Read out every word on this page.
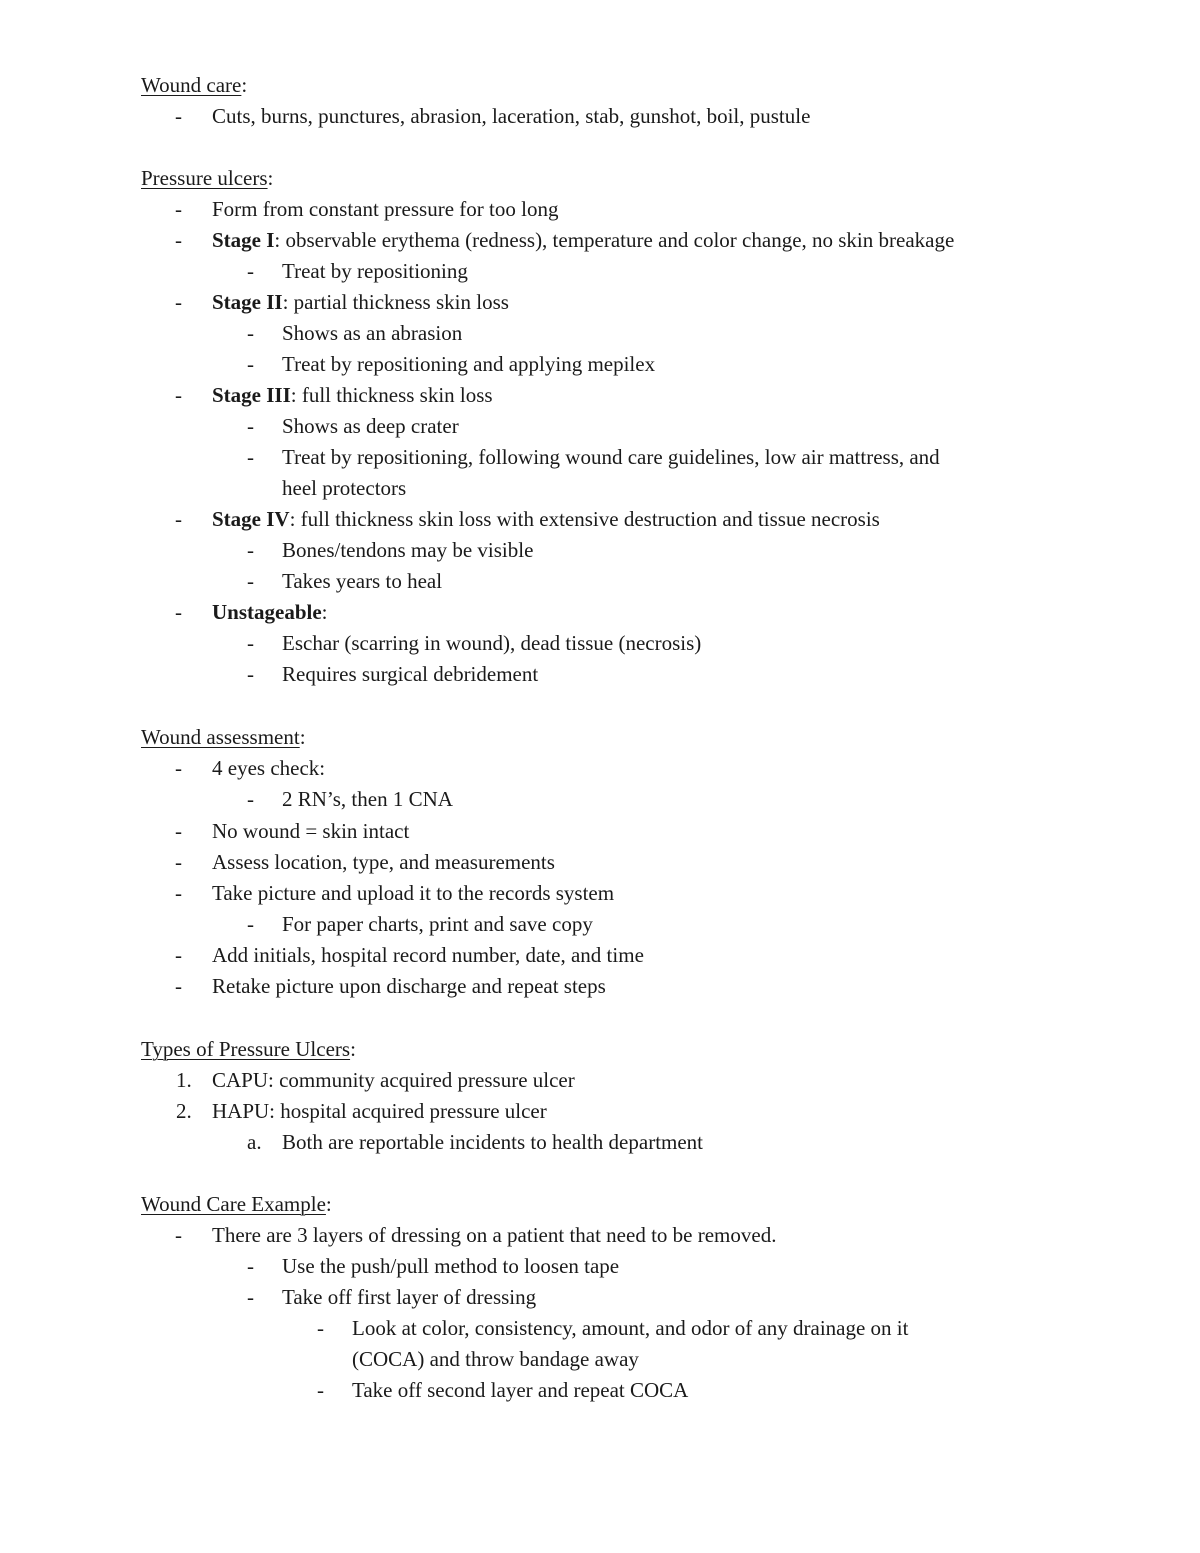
Wound care:
-	Cuts, burns, punctures, abrasion, laceration, stab, gunshot, boil, pustule
Pressure ulcers:
-	Form from constant pressure for too long
-	Stage I: observable erythema (redness), temperature and color change, no skin breakage
-	Treat by repositioning
-	Stage II: partial thickness skin loss
-	Shows as an abrasion
-	Treat by repositioning and applying mepilex
-	Stage III: full thickness skin loss
-	Shows as deep crater
-	Treat by repositioning, following wound care guidelines, low air mattress, and
heel protectors
-	Stage IV: full thickness skin loss with extensive destruction and tissue necrosis
-	Bones/tendons may be visible
-	Takes years to heal
-	Unstageable:
-	Eschar (scarring in wound), dead tissue (necrosis)
-	Requires surgical debridement
Wound assessment:
-	4 eyes check:
-	2 RN’s, then 1 CNA
-	No wound = skin intact
-	Assess location, type, and measurements
-	Take picture and upload it to the records system
-	For paper charts, print and save copy
-	Add initials, hospital record number, date, and time
-	Retake picture upon discharge and repeat steps
Types of Pressure Ulcers:
1. CAPU: community acquired pressure ulcer
2. HAPU: hospital acquired pressure ulcer
a. Both are reportable incidents to health department
Wound Care Example:
-	There are 3 layers of dressing on a patient that need to be removed.
-	Use the push/pull method to loosen tape
-	Take off first layer of dressing
-	Look at color, consistency, amount, and odor of any drainage on it
(COCA) and throw bandage away
-	Take off second layer and repeat COCA
